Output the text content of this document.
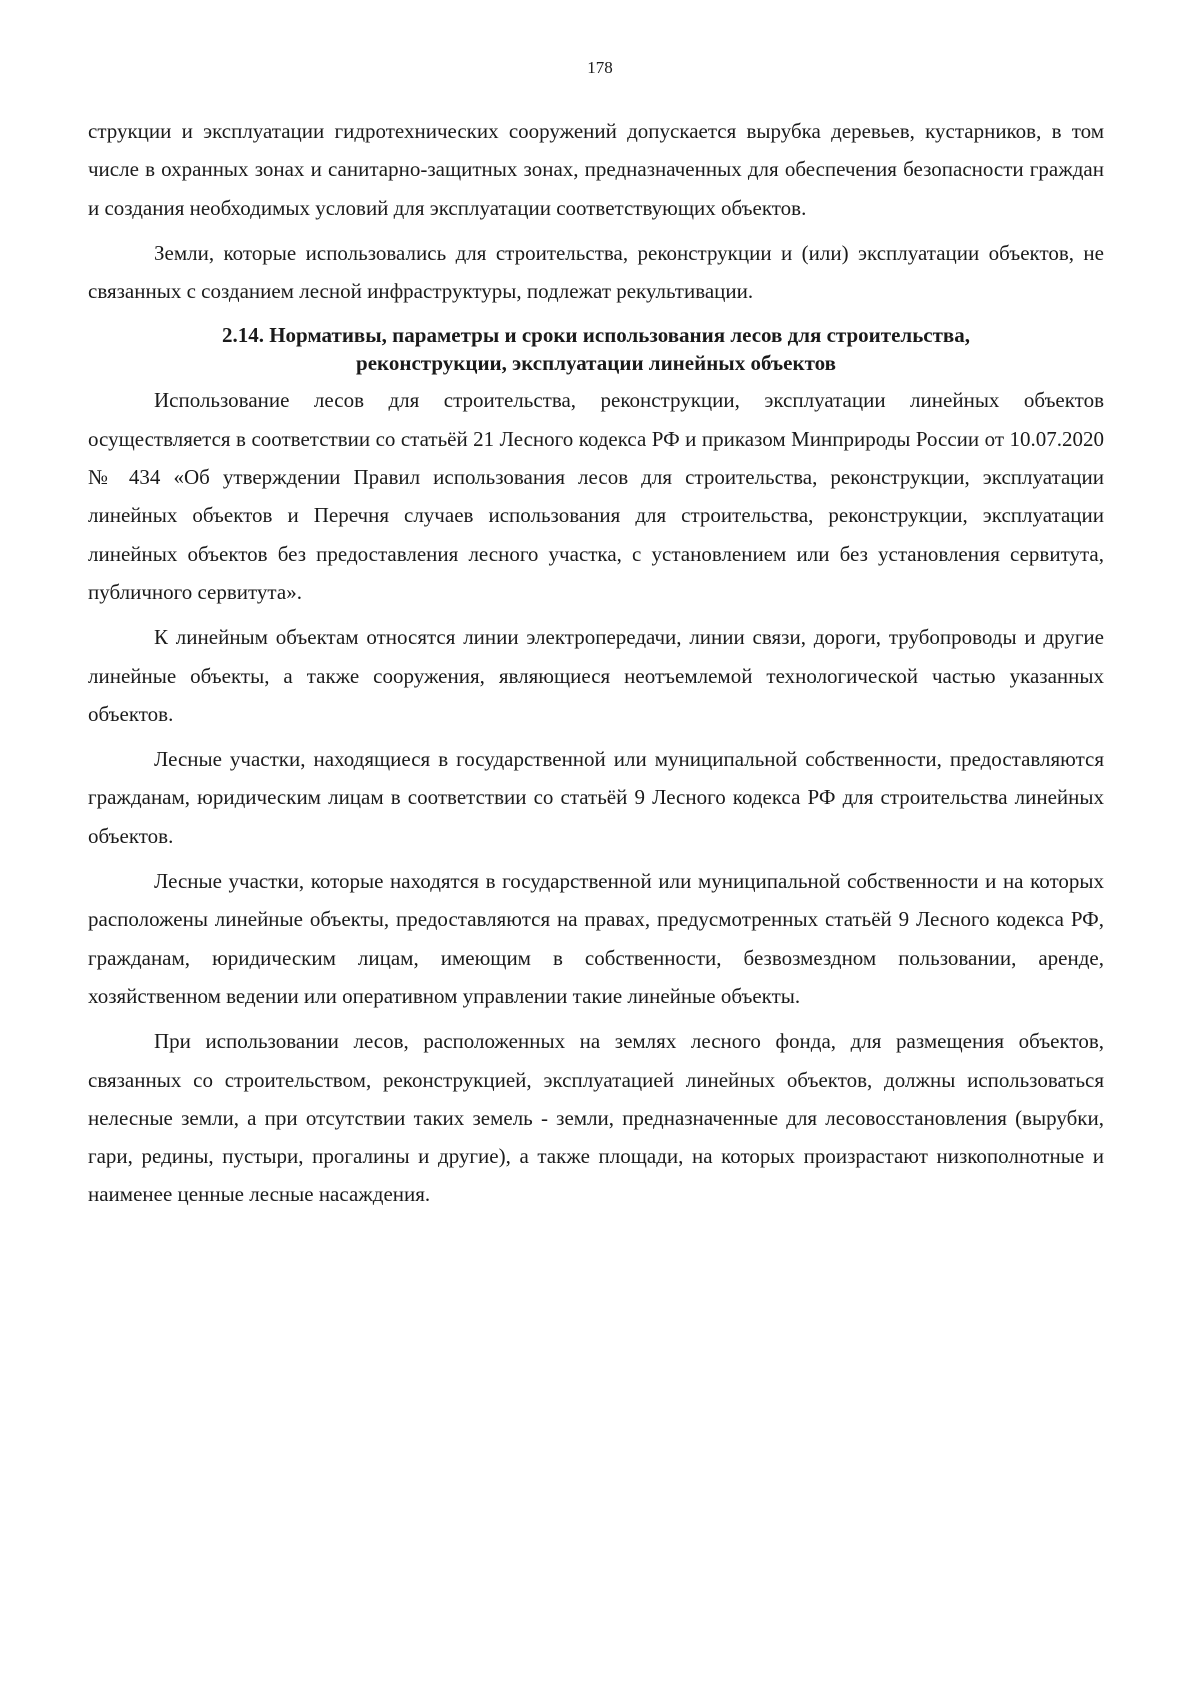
178

струкции и эксплуатации гидротехнических сооружений допускается вырубка деревьев, кустарников, в том числе в охранных зонах и санитарно-защитных зонах, предназначенных для обеспечения безопасности граждан и создания необходимых условий для эксплуатации соответствующих объектов.

Земли, которые использовались для строительства, реконструкции и (или) эксплуатации объектов, не связанных с созданием лесной инфраструктуры, подлежат рекультивации.

2.14. Нормативы, параметры и сроки использования лесов для строительства,
реконструкции, эксплуатации линейных объектов

Использование лесов для строительства, реконструкции, эксплуатации линейных объектов осуществляется в соответствии со статьёй 21 Лесного кодекса РФ и приказом Минприроды России от 10.07.2020 № 434 «Об утверждении Правил использования лесов для строительства, реконструкции, эксплуатации линейных объектов и Перечня случаев использования для строительства, реконструкции, эксплуатации линейных объектов без предоставления лесного участка, с установлением или без установления сервитута, публичного сервитута».

К линейным объектам относятся линии электропередачи, линии связи, дороги, трубопроводы и другие линейные объекты, а также сооружения, являющиеся неотъемлемой технологической частью указанных объектов.

Лесные участки, находящиеся в государственной или муниципальной собственности, предоставляются гражданам, юридическим лицам в соответствии со статьёй 9 Лесного кодекса РФ для строительства линейных объектов.

Лесные участки, которые находятся в государственной или муниципальной собственности и на которых расположены линейные объекты, предоставляются на правах, предусмотренных статьёй 9 Лесного кодекса РФ, гражданам, юридическим лицам, имеющим в собственности, безвозмездном пользовании, аренде, хозяйственном ведении или оперативном управлении такие линейные объекты.

При использовании лесов, расположенных на землях лесного фонда, для размещения объектов, связанных со строительством, реконструкцией, эксплуатацией линейных объектов, должны использоваться нелесные земли, а при отсутствии таких земель - земли, предназначенные для лесовосстановления (вырубки, гари, редины, пустыри, прогалины и другие), а также площади, на которых произрастают низкополнотные и наименее ценные лесные насаждения.
